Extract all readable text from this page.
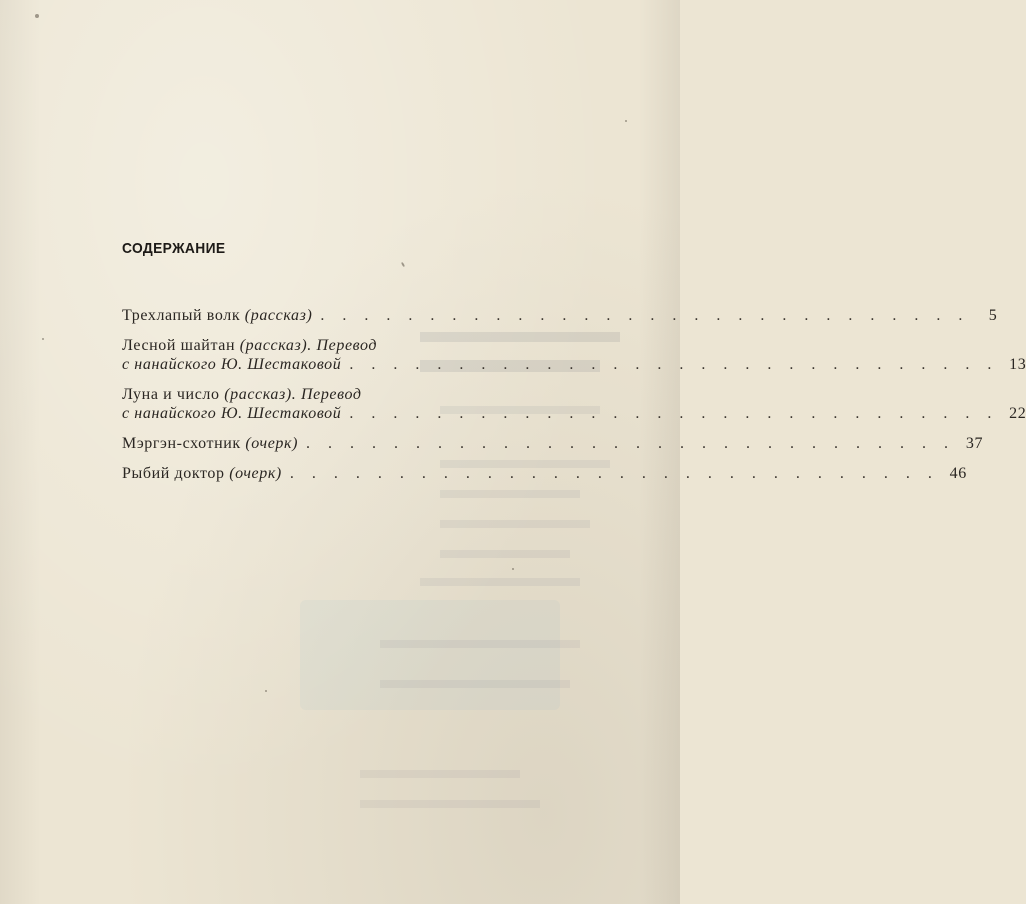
СОДЕРЖАНИЕ
Трехлапый волк (рассказ) . . . . . . . . . . . . . . . . . . . . . . . . . . . . . .	5
Лесной шайтан (рассказ). Перевод
с нанайского Ю. Шестаковой . . . . . . . . . . . . . . . . . . . . . . . . . . . . . . 13
Луна и число (рассказ). Перевод
с нанайского Ю. Шестаковой . . . . . . . . . . . . . . . . . . . . . . . . . . . . . . 22
Мэргэн-схотник (очерк) . . . . . . . . . . . . . . . . . . . . . . . . . . . . . . 37
Рыбий доктор (очерк) . . . . . . . . . . . . . . . . . . . . . . . . . . . . . . 46
